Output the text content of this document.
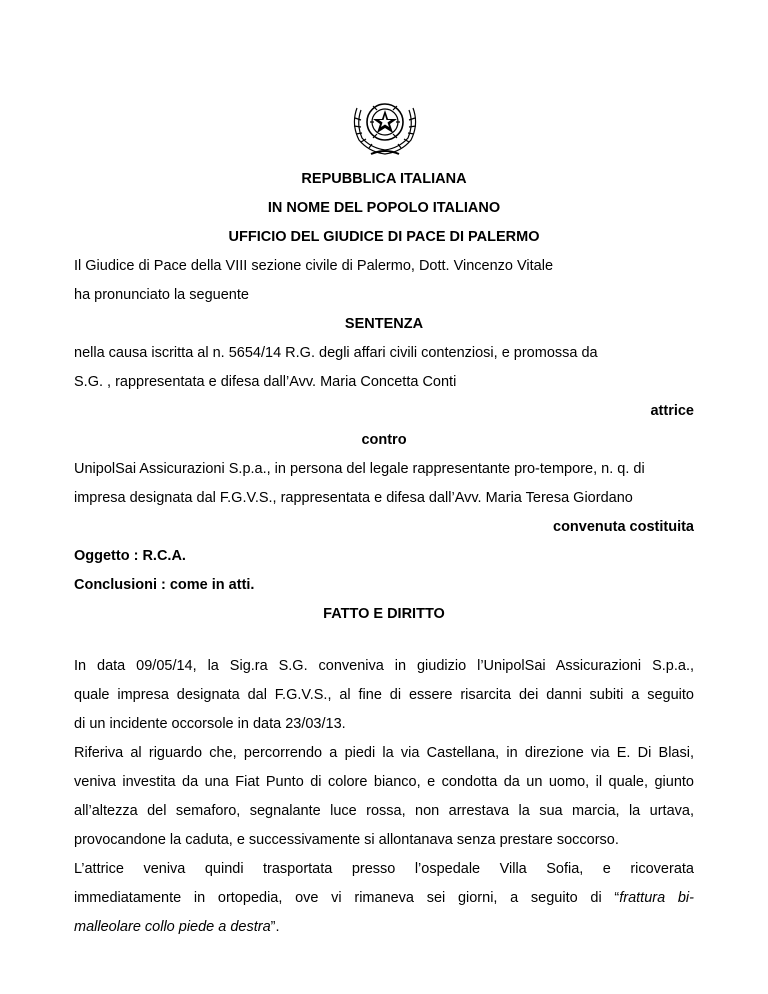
REPUBBLICA ITALIANA
IN NOME DEL POPOLO ITALIANO
UFFICIO DEL GIUDICE DI PACE DI PALERMO
Il Giudice di Pace della VIII sezione civile di Palermo, Dott. Vincenzo Vitale
ha pronunciato la seguente
SENTENZA
nella causa iscritta al n. 5654/14 R.G. degli affari civili contenziosi, e promossa da
S.G. , rappresentata e difesa dall’Avv. Maria Concetta Conti
attrice
contro
UnipolSai Assicurazioni S.p.a., in persona del legale rappresentante pro-tempore, n. q. di
impresa designata dal F.G.V.S., rappresentata e difesa dall’Avv. Maria Teresa Giordano
convenuta costituita
Oggetto : R.C.A.
Conclusioni : come in atti.
FATTO E DIRITTO
In data 09/05/14, la Sig.ra S.G. conveniva in giudizio l’UnipolSai Assicurazioni S.p.a.,
quale impresa designata dal F.G.V.S., al fine di essere risarcita dei danni subiti a seguito
di un incidente occorsole in data 23/03/13.
Riferiva al riguardo che, percorrendo a piedi la via Castellana, in direzione via E. Di Blasi,
veniva investita da una Fiat Punto di colore bianco, e condotta da un uomo, il quale, giunto
all’altezza del semaforo, segnalante luce rossa, non arrestava la sua marcia, la urtava,
provocandone la caduta, e successivamente si allontanava senza prestare soccorso.
L’attrice veniva quindi trasportata presso l’ospedale Villa Sofia, e ricoverata
immediatamente in ortopedia, ove vi rimaneva sei giorni, a seguito di “frattura bi-
malleolare collo piede a destra”.
